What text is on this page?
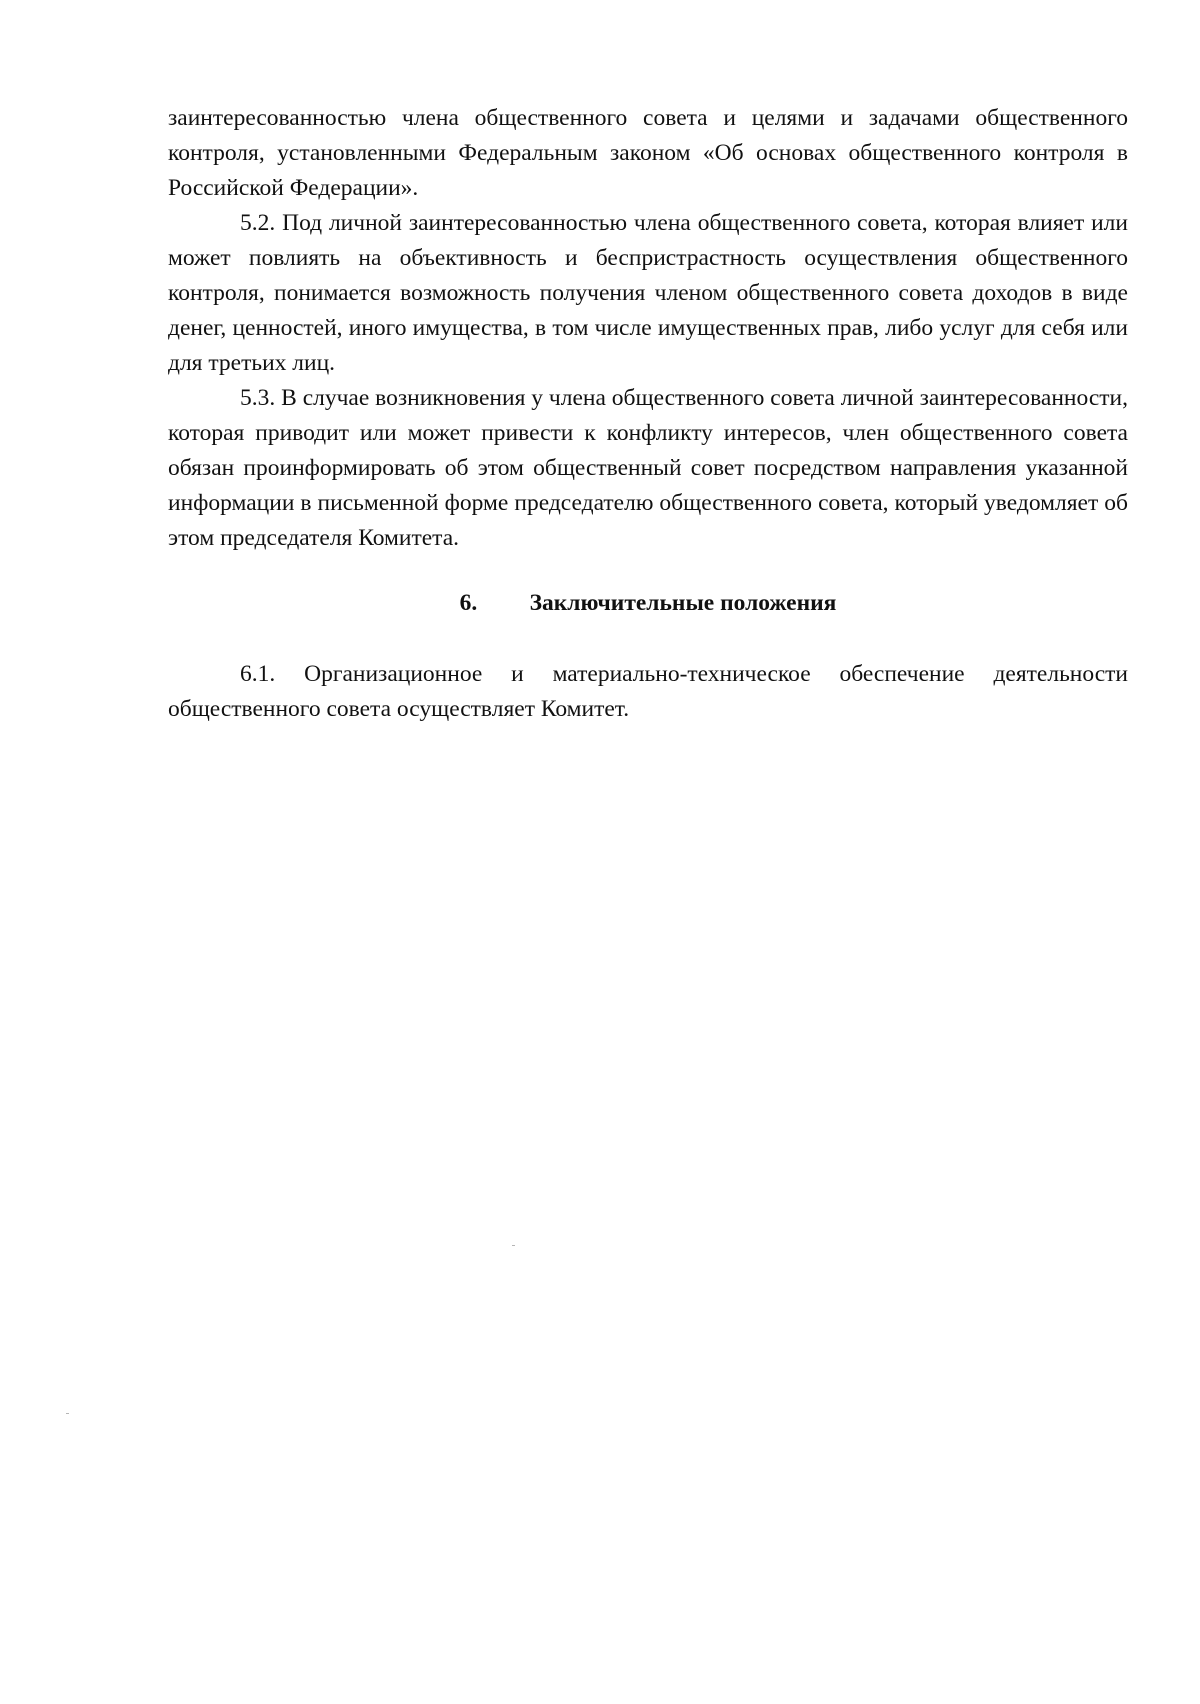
заинтересованностью члена общественного совета и целями и задачами общественного контроля, установленными Федеральным законом «Об основах общественного контроля в Российской Федерации».

5.2. Под личной заинтересованностью члена общественного совета, которая влияет или может повлиять на объективность и беспристрастность осуществления общественного контроля, понимается возможность получения членом общественного совета доходов в виде денег, ценностей, иного имущества, в том числе имущественных прав, либо услуг для себя или для третьих лиц.

5.3. В случае возникновения у члена общественного совета личной заинтересованности, которая приводит или может привести к конфликту интересов, член общественного совета обязан проинформировать об этом общественный совет посредством направления указанной информации в письменной форме председателю общественного совета, который уведомляет об этом председателя Комитета.

6. Заключительные положения

6.1. Организационное и материально-техническое обеспечение деятельности общественного совета осуществляет Комитет.
